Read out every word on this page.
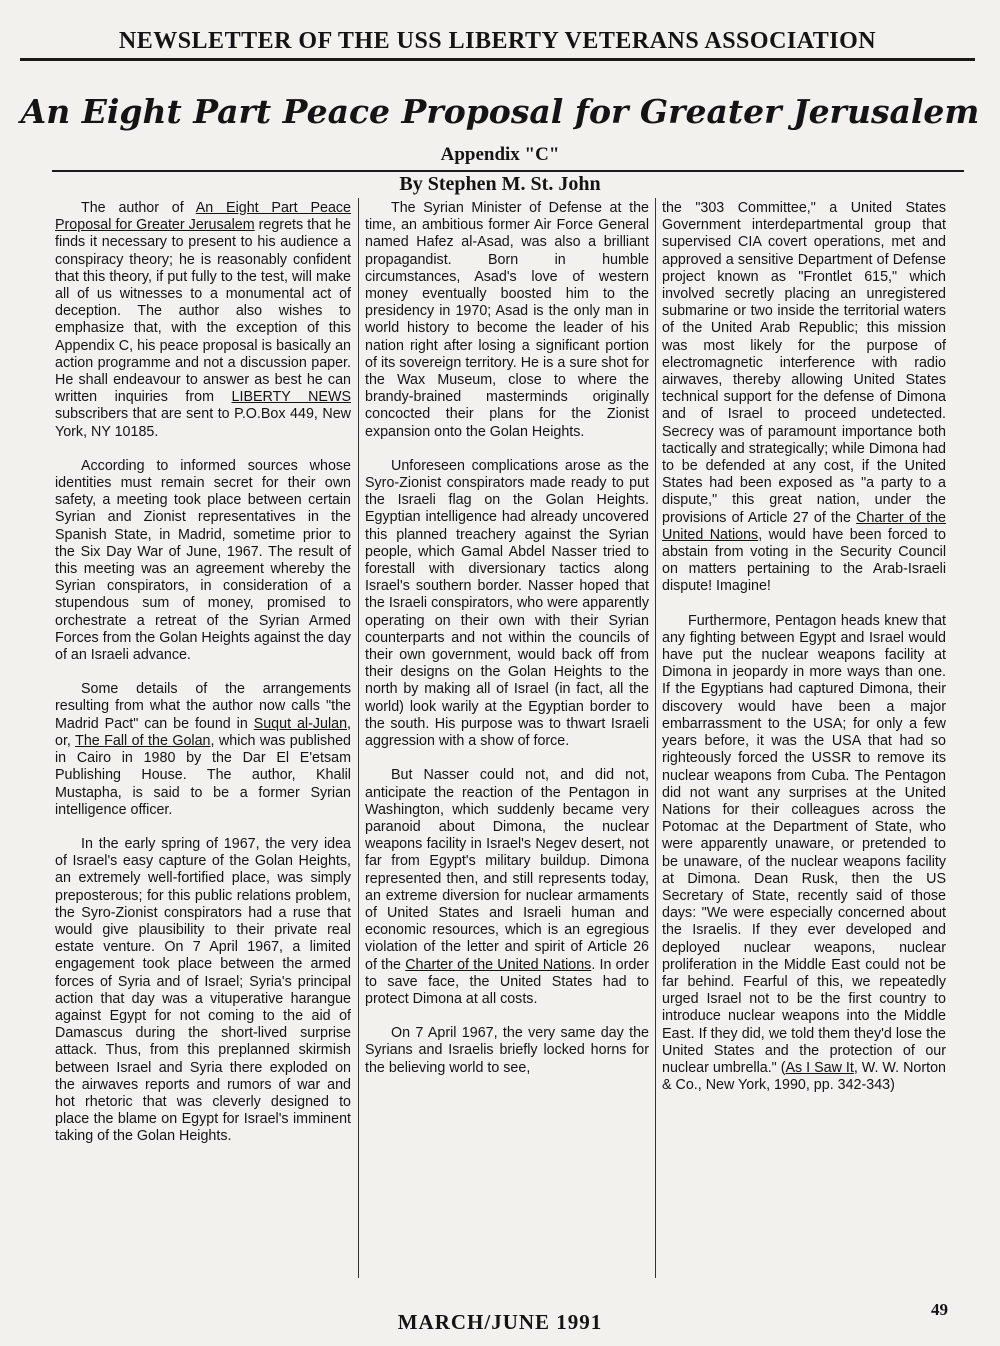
NEWSLETTER OF THE USS LIBERTY VETERANS ASSOCIATION
An Eight Part Peace Proposal for Greater Jerusalem
Appendix "C"
By Stephen M. St. John

The author of An Eight Part Peace Proposal for Greater Jerusalem regrets that he finds it necessary to present to his audience a conspiracy theory; he is reasonably confident that this theory, if put fully to the test, will make all of us witnesses to a monumental act of deception. The author also wishes to emphasize that, with the exception of this Appendix C, his peace proposal is basically an action programme and not a discussion paper. He shall endeavour to answer as best he can written inquiries from LIBERTY NEWS subscribers that are sent to P.O.Box 449, New York, NY 10185.

According to informed sources whose identities must remain secret for their own safety, a meeting took place between certain Syrian and Zionist representatives in the Spanish State, in Madrid, sometime prior to the Six Day War of June, 1967. The result of this meeting was an agreement whereby the Syrian conspirators, in consideration of a stupendous sum of money, promised to orchestrate a retreat of the Syrian Armed Forces from the Golan Heights against the day of an Israeli advance.

Some details of the arrangements resulting from what the author now calls "the Madrid Pact" can be found in Suqut al-Julan, or, The Fall of the Golan, which was published in Cairo in 1980 by the Dar El E'etsam Publishing House. The author, Khalil Mustapha, is said to be a former Syrian intelligence officer.

In the early spring of 1967, the very idea of Israel's easy capture of the Golan Heights, an extremely well-fortified place, was simply preposterous; for this public relations problem, the Syro-Zionist conspirators had a ruse that would give plausibility to their private real estate venture. On 7 April 1967, a limited engagement took place between the armed forces of Syria and of Israel; Syria's principal action that day was a vituperative harangue against Egypt for not coming to the aid of Damascus during the short-lived surprise attack. Thus, from this preplanned skirmish between Israel and Syria there exploded on the airwaves reports and rumors of war and hot rhetoric that was cleverly designed to place the blame on Egypt for Israel's imminent taking of the Golan Heights.

The Syrian Minister of Defense at the time, an ambitious former Air Force General named Hafez al-Asad, was also a brilliant propagandist. Born in humble circumstances, Asad's love of western money eventually boosted him to the presidency in 1970; Asad is the only man in world history to become the leader of his nation right after losing a significant portion of its sovereign territory. He is a sure shot for the Wax Museum, close to where the brandy-brained masterminds originally concocted their plans for the Zionist expansion onto the Golan Heights.

Unforeseen complications arose as the Syro-Zionist conspirators made ready to put the Israeli flag on the Golan Heights. Egyptian intelligence had already uncovered this planned treachery against the Syrian people, which Gamal Abdel Nasser tried to forestall with diversionary tactics along Israel's southern border. Nasser hoped that the Israeli conspirators, who were apparently operating on their own with their Syrian counterparts and not within the councils of their own government, would back off from their designs on the Golan Heights to the north by making all of Israel (in fact, all the world) look warily at the Egyptian border to the south. His purpose was to thwart Israeli aggression with a show of force.

But Nasser could not, and did not, anticipate the reaction of the Pentagon in Washington, which suddenly became very paranoid about Dimona, the nuclear weapons facility in Israel's Negev desert, not far from Egypt's military buildup. Dimona represented then, and still represents today, an extreme diversion for nuclear armaments of United States and Israeli human and economic resources, which is an egregious violation of the letter and spirit of Article 26 of the Charter of the United Nations. In order to save face, the United States had to protect Dimona at all costs.

On 7 April 1967, the very same day the Syrians and Israelis briefly locked horns for the believing world to see,

the "303 Committee," a United States Government interdepartmental group that supervised CIA covert operations, met and approved a sensitive Department of Defense project known as "Frontlet 615," which involved secretly placing an unregistered submarine or two inside the territorial waters of the United Arab Republic; this mission was most likely for the purpose of electromagnetic interference with radio airwaves, thereby allowing United States technical support for the defense of Dimona and of Israel to proceed undetected. Secrecy was of paramount importance both tactically and strategically; while Dimona had to be defended at any cost, if the United States had been exposed as "a party to a dispute," this great nation, under the provisions of Article 27 of the Charter of the United Nations, would have been forced to abstain from voting in the Security Council on matters pertaining to the Arab-Israeli dispute! Imagine!

Furthermore, Pentagon heads knew that any fighting between Egypt and Israel would have put the nuclear weapons facility at Dimona in jeopardy in more ways than one. If the Egyptians had captured Dimona, their discovery would have been a major embarrassment to the USA; for only a few years before, it was the USA that had so righteously forced the USSR to remove its nuclear weapons from Cuba. The Pentagon did not want any surprises at the United Nations for their colleagues across the Potomac at the Department of State, who were apparently unaware, or pretended to be unaware, of the nuclear weapons facility at Dimona. Dean Rusk, then the US Secretary of State, recently said of those days: "We were especially concerned about the Israelis. If they ever developed and deployed nuclear weapons, nuclear proliferation in the Middle East could not be far behind. Fearful of this, we repeatedly urged Israel not to be the first country to introduce nuclear weapons into the Middle East. If they did, we told them they'd lose the United States and the protection of our nuclear umbrella." (As I Saw It, W. W. Norton & Co., New York, 1990, pp. 342-343)

MARCH/JUNE 1991
49
